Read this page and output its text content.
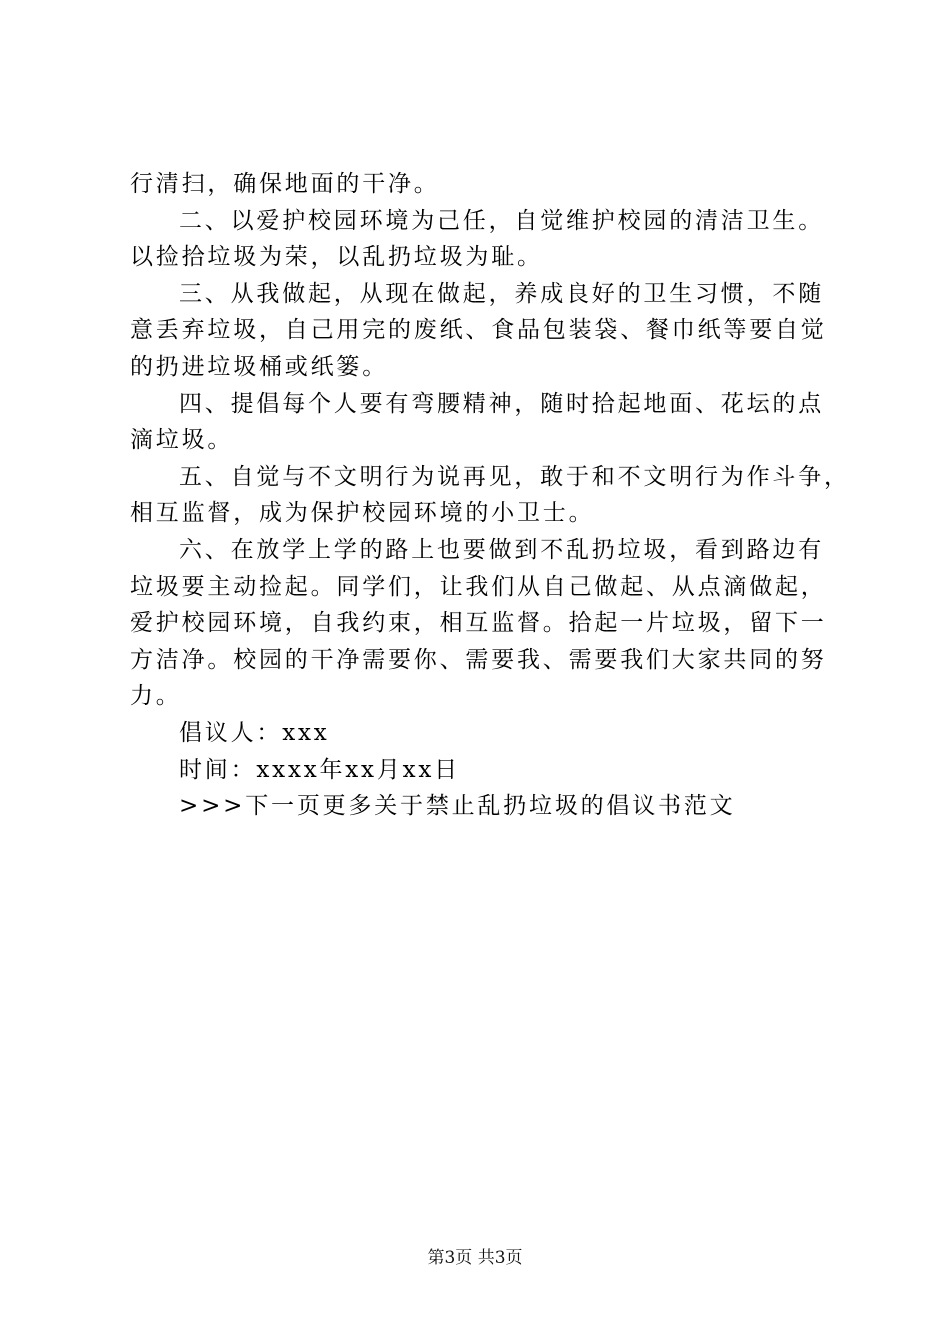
行清扫，确保地面的干净。
二、以爱护校园环境为己任，自觉维护校园的清洁卫生。
以捡拾垃圾为荣，以乱扔垃圾为耻。
三、从我做起，从现在做起，养成良好的卫生习惯，不随
意丢弃垃圾，自己用完的废纸、食品包装袋、餐巾纸等要自觉
的扔进垃圾桶或纸篓。
四、提倡每个人要有弯腰精神，随时拾起地面、花坛的点
滴垃圾。
五、自觉与不文明行为说再见，敢于和不文明行为作斗争，
相互监督，成为保护校园环境的小卫士。
六、在放学上学的路上也要做到不乱扔垃圾，看到路边有
垃圾要主动捡起。同学们，让我们从自己做起、从点滴做起，
爱护校园环境，自我约束，相互监督。拾起一片垃圾，留下一
方洁净。校园的干净需要你、需要我、需要我们大家共同的努
力。
倡议人：xxx
时间：xxxx年xx月xx日
>>>下一页更多关于禁止乱扔垃圾的倡议书范文
第3页 共3页
